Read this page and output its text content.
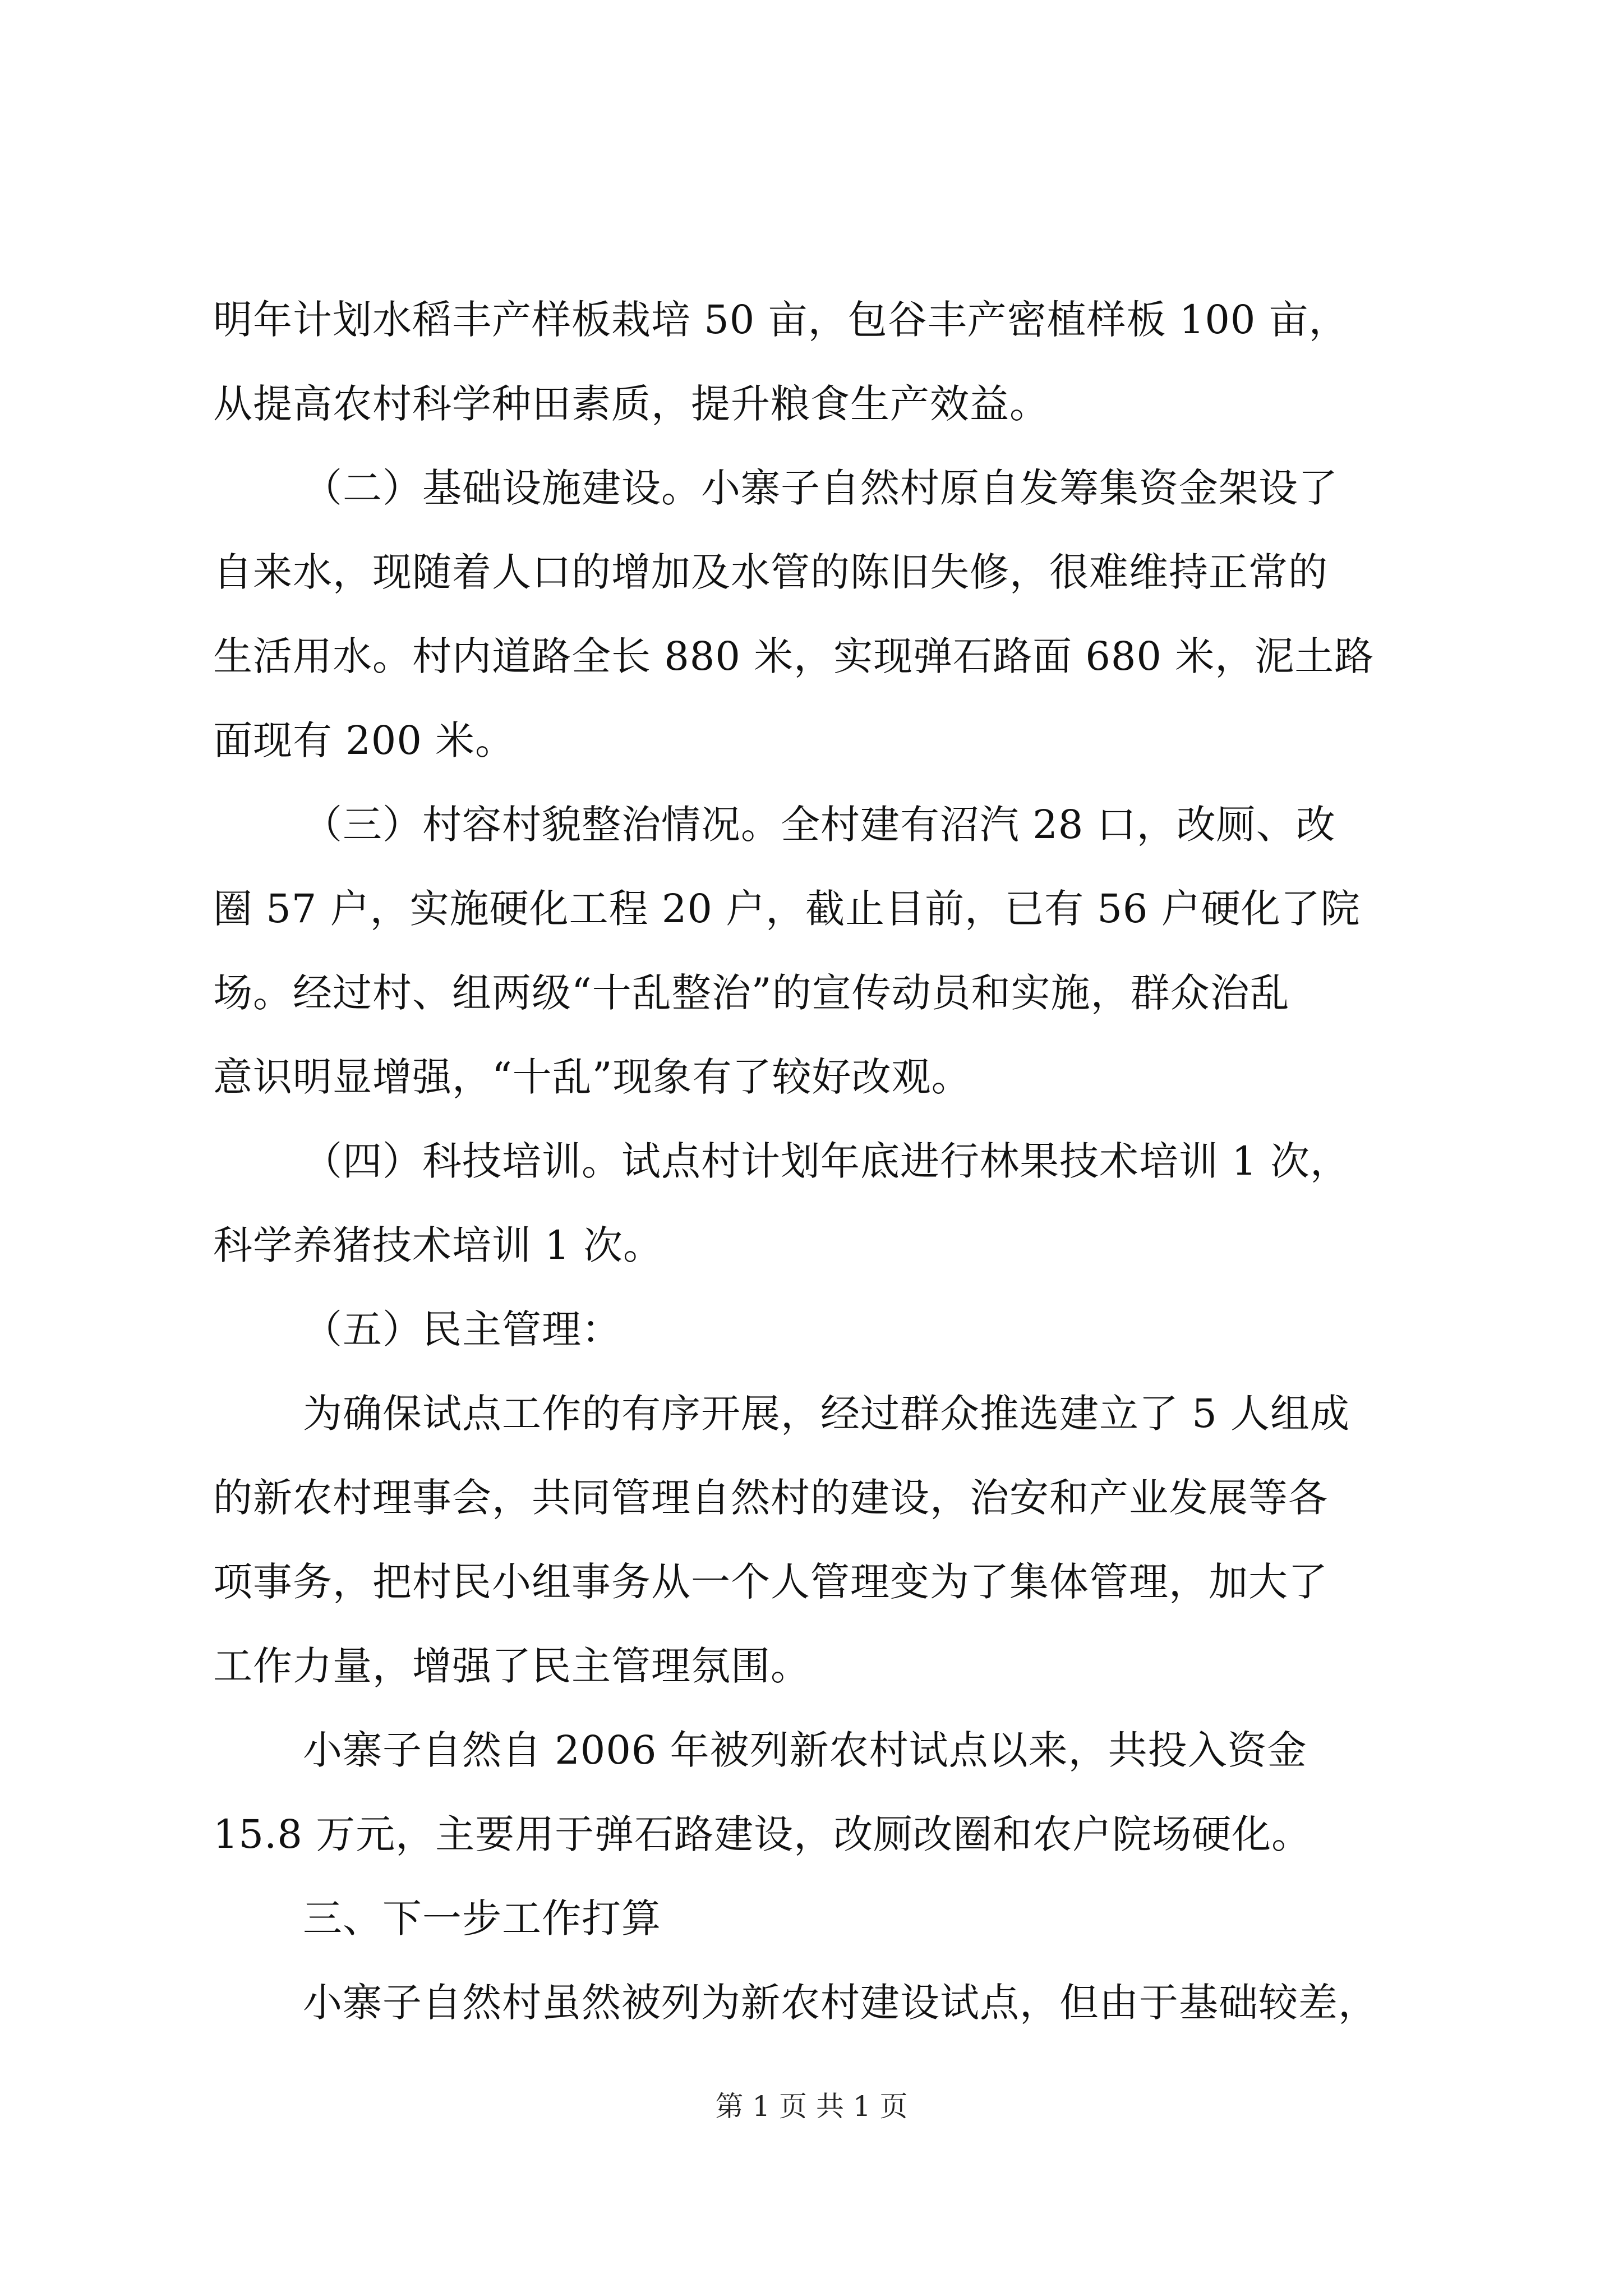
明年计划水稻丰产样板栽培 50 亩，包谷丰产密植样板 100 亩，
从提高农村科学种田素质，提升粮食生产效益。
（二）基础设施建设。小寨子自然村原自发筹集资金架设了
自来水，现随着人口的增加及水管的陈旧失修，很难维持正常的
生活用水。村内道路全长 880 米，实现弹石路面 680 米，泥土路
面现有 200 米。
（三）村容村貌整治情况。全村建有沼汽 28 口，改厕、改
圈 57 户，实施硬化工程 20 户，截止目前，已有 56 户硬化了院
场。经过村、组两级“十乱整治”的宣传动员和实施，群众治乱
意识明显增强，“十乱”现象有了较好改观。
（四）科技培训。试点村计划年底进行林果技术培训 1 次，
科学养猪技术培训 1 次。
（五）民主管理：
为确保试点工作的有序开展，经过群众推选建立了 5 人组成
的新农村理事会，共同管理自然村的建设，治安和产业发展等各
项事务，把村民小组事务从一个人管理变为了集体管理，加大了
工作力量，增强了民主管理氛围。
小寨子自然自 2006 年被列新农村试点以来，共投入资金
15.8 万元，主要用于弹石路建设，改厕改圈和农户院场硬化。
三、下一步工作打算
小寨子自然村虽然被列为新农村建设试点，但由于基础较差，
第 1 页 共 1 页
